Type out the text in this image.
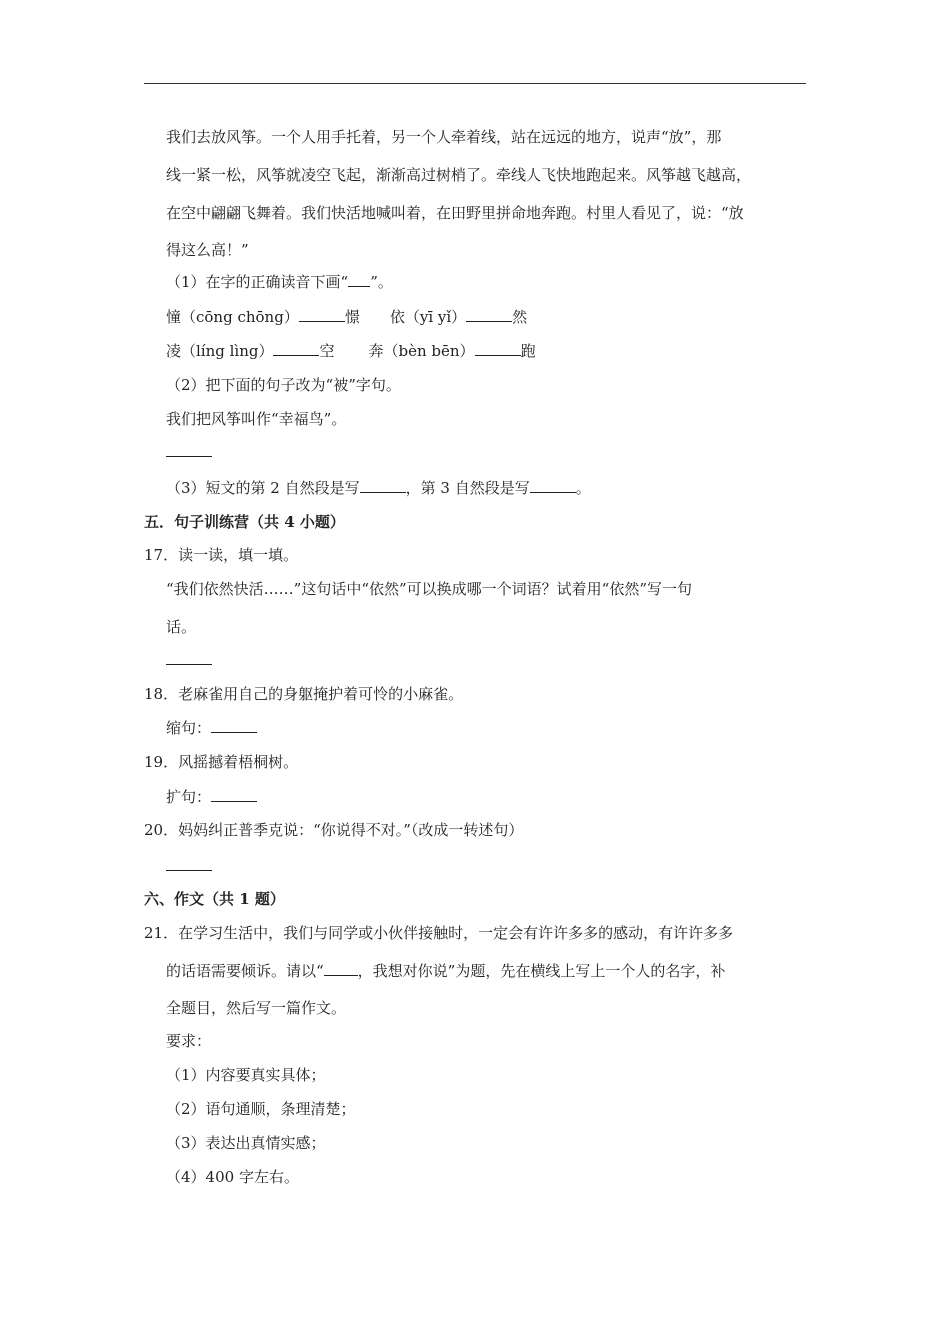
我们去放风筝。一个人用手托着，另一个人牵着线，站在远远的地方，说声“放”，那
线一紧一松，风筝就凌空飞起，渐渐高过树梢了。牵线人飞快地跑起来。风筝越飞越高，
在空中翩翩飞舞着。我们快活地喊叫着，在田野里拼命地奔跑。村里人看见了，说：“放
得这么高！”
（1）在字的正确读音下画“ ”。
憧（cōng chōng）	憬 依（yī yǐ）	然
凌（líng lìng）	空 奔（bèn bēn）	跑
（2）把下面的句子改为“被”字句。
我们把风筝叫作“幸福鸟”。
（3）短文的第 2 自然段是写	，第 3 自然段是写	。
五．句子训练营（共 4 小题）
17．读一读，填一填。
“我们依然快活……”这句话中“依然”可以换成哪一个词语？试着用“依然”写一句
话。
18．老麻雀用自己的身躯掩护着可怜的小麻雀。
缩句：
19．风摇撼着梧桐树。
扩句：
20．妈妈纠正普季克说：“你说得不对。”（改成一转述句）
六、作文（共 1 题）
21．在学习生活中，我们与同学或小伙伴接触时，一定会有许许多多的感动，有许许多多
的话语需要倾诉。请以“ ，我想对你说”为题，先在横线上写上一个人的名字，补
全题目，然后写一篇作文。
要求：
（1）内容要真实具体；
（2）语句通顺，条理清楚；
（3）表达出真情实感；
（4）400 字左右。
